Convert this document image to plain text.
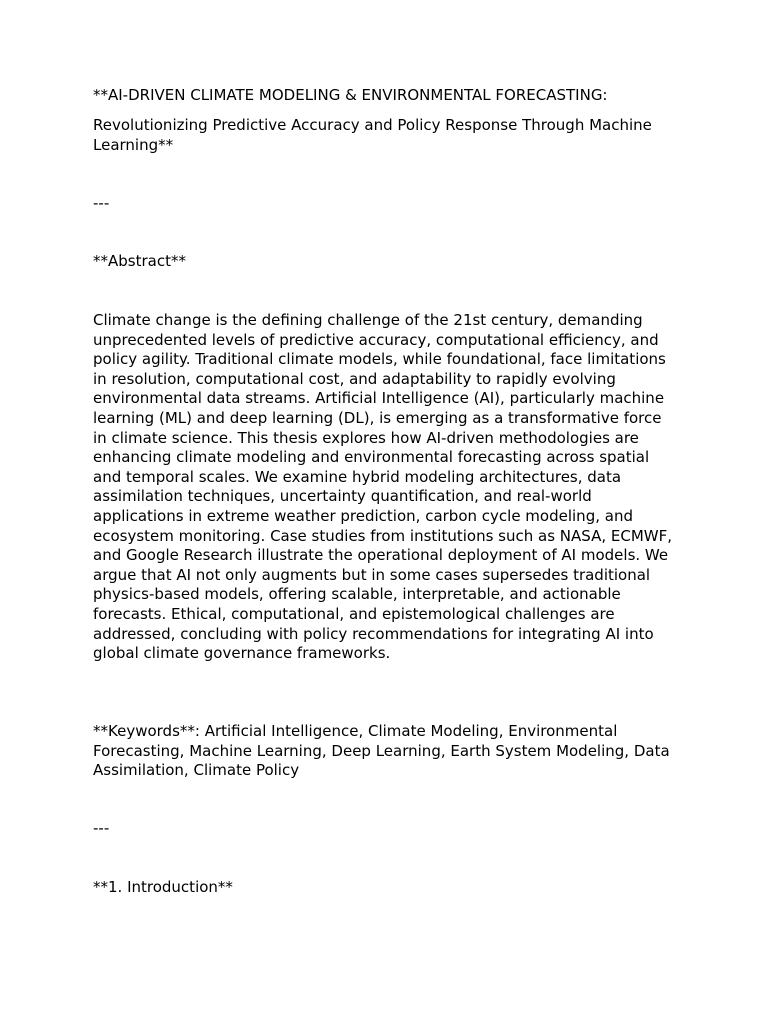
**AI-DRIVEN CLIMATE MODELING & ENVIRONMENTAL FORECASTING:

Revolutionizing Predictive Accuracy and Policy Response Through Machine Learning**

---

**Abstract**

Climate change is the defining challenge of the 21st century, demanding unprecedented levels of predictive accuracy, computational efficiency, and policy agility. Traditional climate models, while foundational, face limitations in resolution, computational cost, and adaptability to rapidly evolving environmental data streams. Artificial Intelligence (AI), particularly machine learning (ML) and deep learning (DL), is emerging as a transformative force in climate science. This thesis explores how AI-driven methodologies are enhancing climate modeling and environmental forecasting across spatial and temporal scales. We examine hybrid modeling architectures, data assimilation techniques, uncertainty quantification, and real-world applications in extreme weather prediction, carbon cycle modeling, and ecosystem monitoring. Case studies from institutions such as NASA, ECMWF, and Google Research illustrate the operational deployment of AI models. We argue that AI not only augments but in some cases supersedes traditional physics-based models, offering scalable, interpretable, and actionable forecasts. Ethical, computational, and epistemological challenges are addressed, concluding with policy recommendations for integrating AI into global climate governance frameworks.

**Keywords**: Artificial Intelligence, Climate Modeling, Environmental Forecasting, Machine Learning, Deep Learning, Earth System Modeling, Data Assimilation, Climate Policy

---

**1. Introduction**
